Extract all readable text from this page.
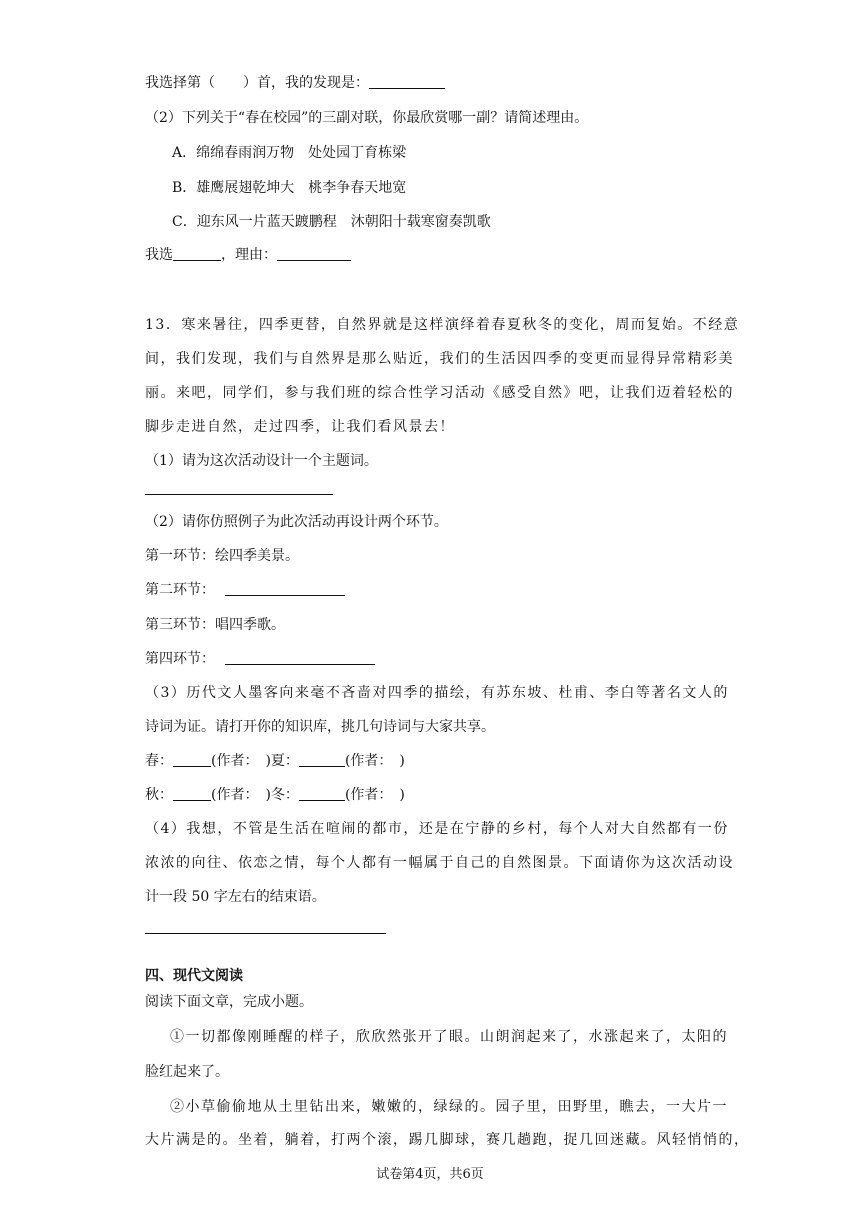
我选择第（　　）首，我的发现是：
（2）下列关于“春在校园”的三副对联，你最欣赏哪一副？请简述理由。
A．绵绵春雨润万物　处处园丁育栋梁
B．雄鹰展翅乾坤大　桃李争春天地宽
C．迎东风一片蓝天踱鹏程　沐朝阳十载寒窗奏凯歌
我选	，理由：
13．寒来暑往，四季更替，自然界就是这样演绎着春夏秋冬的变化，周而复始。不经意
间，我们发现，我们与自然界是那么贴近，我们的生活因四季的变更而显得异常精彩美
丽。来吧，同学们，参与我们班的综合性学习活动《感受自然》吧，让我们迈着轻松的
脚步走进自然，走过四季，让我们看风景去！
（1）请为这次活动设计一个主题词。
（2）请你仿照例子为此次活动再设计两个环节。
第一环节：绘四季美景。
第二环节：
第三环节：唱四季歌。
第四环节：
（3）历代文人墨客向来毫不吝啬对四季的描绘，有苏东坡、杜甫、李白等著名文人的
诗词为证。请打开你的知识库，挑几句诗词与大家共享。
春：	(作者：　)夏：	(作者：　)
秋：	(作者：　)冬：	(作者：　)
（4）我想，不管是生活在喧闹的都市，还是在宁静的乡村，每个人对大自然都有一份
浓浓的向往、依恋之情，每个人都有一幅属于自己的自然图景。下面请你为这次活动设
计一段 50 字左右的结束语。
四、现代文阅读
阅读下面文章，完成小题。
①一切都像刚睡醒的样子，欣欣然张开了眼。山朗润起来了，水涨起来了，太阳的
脸红起来了。
②小草偷偷地从土里钻出来，嫩嫩的，绿绿的。园子里，田野里，瞧去，一大片一
大片满是的。坐着，躺着，打两个滚，踢几脚球，赛几趟跑，捉几回迷藏。风轻悄悄的，
试卷第4页，共6页
